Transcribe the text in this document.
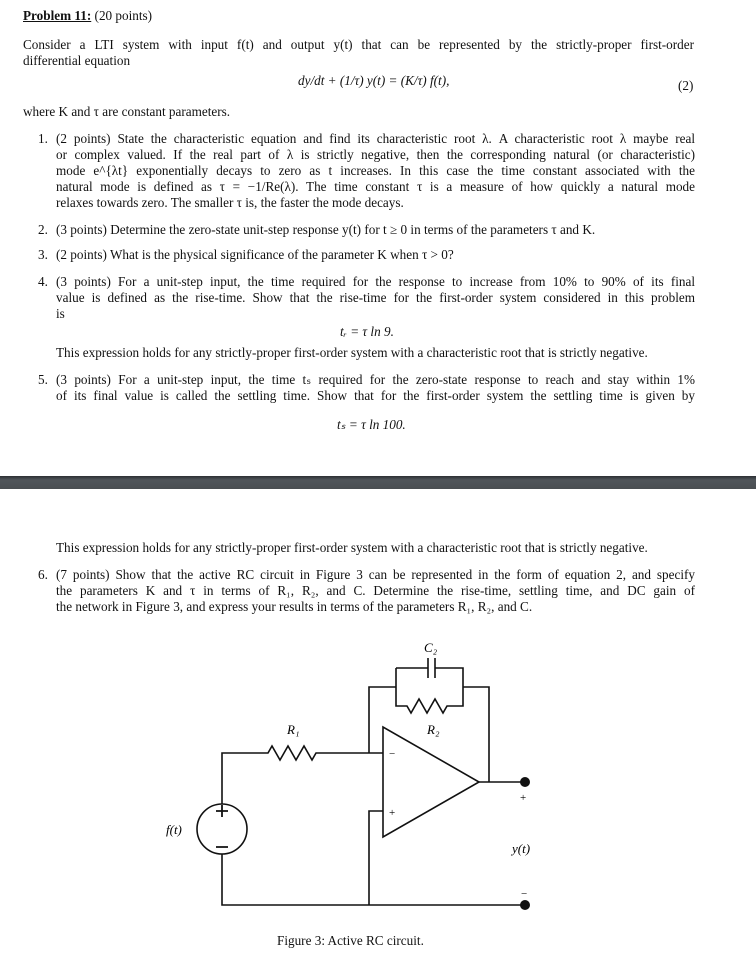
Problem 11: (20 points)
Consider a LTI system with input f(t) and output y(t) that can be represented by the strictly-proper first-order
differential equation
dy/dt + (1/τ) y(t) = (K/τ) f(t),	(2)
where K and τ are constant parameters.
1. (2 points) State the characteristic equation and find its characteristic root λ. A characteristic root λ maybe real
or complex valued. If the real part of λ is strictly negative, then the corresponding natural (or characteristic)
mode e^{λt} exponentially decays to zero as t increases. In this case the time constant associated with the
natural mode is defined as τ = −1/Re(λ). The time constant τ is a measure of how quickly a natural mode
relaxes towards zero. The smaller τ is, the faster the mode decays.
2. (3 points) Determine the zero-state unit-step response y(t) for t ≥ 0 in terms of the parameters τ and K.
3. (2 points) What is the physical significance of the parameter K when τ > 0?
4. (3 points) For a unit-step input, the time required for the response to increase from 10% to 90% of its final
value is defined as the rise-time. Show that the rise-time for the first-order system considered in this problem
is
tᵣ = τ ln 9.
This expression holds for any strictly-proper first-order system with a characteristic root that is strictly negative.
5. (3 points) For a unit-step input, the time tₛ required for the zero-state response to reach and stay within 1%
of its final value is called the settling time. Show that for the first-order system the settling time is given by
tₛ = τ ln 100.
This expression holds for any strictly-proper first-order system with a characteristic root that is strictly negative.
6. (7 points) Show that the active RC circuit in Figure 3 can be represented in the form of equation 2, and specify
the parameters K and τ in terms of R₁, R₂, and C. Determine the rise-time, settling time, and DC gain of
the network in Figure 3, and express your results in terms of the parameters R₁, R₂, and C.
C₂
R₁	R₂
f(t)
y(t)
−
+
+
−
Figure 3: Active RC circuit.
